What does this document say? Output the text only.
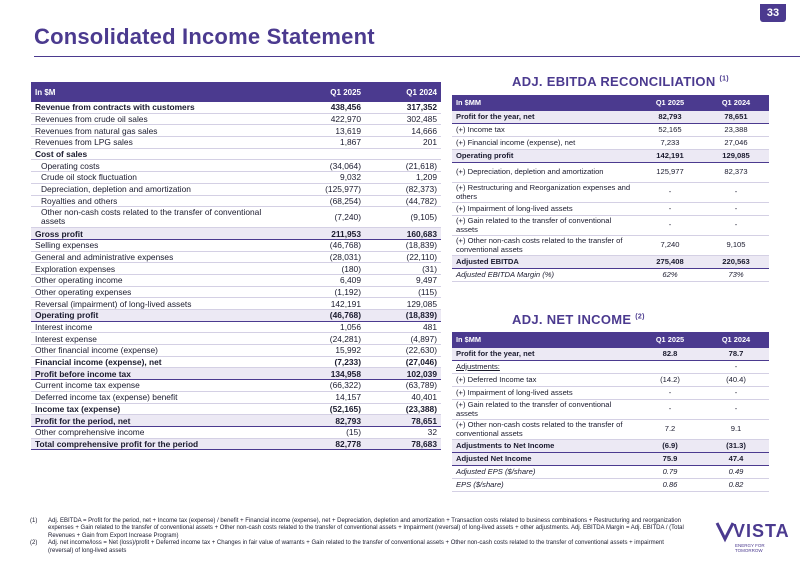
33
Consolidated Income Statement
In $M	Q1 2025	Q1 2024
Revenue from contracts with customers	438,456	317,352
Revenues from crude oil sales	422,970	302,485
Revenues from natural gas sales	13,619	14,666
Revenues from LPG sales	1,867	201
Cost of sales		
Operating costs	(34,064)	(21,618)
Crude oil stock fluctuation	9,032	1,209
Depreciation, depletion and amortization	(125,977)	(82,373)
Royalties and others	(68,254)	(44,782)
Other non-cash costs related to the transfer of conventional assets	(7,240)	(9,105)
Gross profit	211,953	160,683
Selling expenses	(46,768)	(18,839)
General and administrative expenses	(28,031)	(22,110)
Exploration expenses	(180)	(31)
Other operating income	6,409	9,497
Other operating expenses	(1,192)	(115)
Reversal (impairment) of long-lived assets	142,191	129,085
Operating profit	(46,768)	(18,839)
Interest income	1,056	481
Interest expense	(24,281)	(4,897)
Other financial income (expense)	15,992	(22,630)
Financial income (expense), net	(7,233)	(27,046)
Profit before income tax	134,958	102,039
Current income tax expense	(66,322)	(63,789)
Deferred income tax (expense) benefit	14,157	40,401
Income tax (expense)	(52,165)	(23,388)
Profit for the period, net	82,793	78,651
Other comprehensive income	(15)	32
Total comprehensive profit for the period	82,778	78,683
ADJ. EBITDA RECONCILIATION $^{(1)}$
In $MM	Q1 2025	Q1 2024
Profit for the year, net	82,793	78,651
(+) Income tax	52,165	23,388
(+) Financial income (expense), net	7,233	27,046
Operating profit	142,191	129,085
(+) Depreciation, depletion and amortization	125,977	82,373
(+) Restructuring and Reorganization expenses and others	-	-
(+) Impairment of long-lived assets	-	-
(+) Gain related to the transfer of conventional assets	-	-
(+) Other non-cash costs related to the transfer of conventional assets	7,240	9,105
Adjusted EBITDA	275,408	220,563
Adjusted EBITDA Margin (%)	62%	73%
ADJ. NET INCOME $^{(2)}$
In $MM	Q1 2025	Q1 2024
Profit for the year, net	82.8	78.7
Adjustments:		-
(+) Deferred Income tax	(14.2)	(40.4)
(+) Impairment of long-lived assets	-	-
(+) Gain related to the transfer of conventional assets	-	-
(+) Other non-cash costs related to the transfer of conventional assets	7.2	9.1
Adjustments to Net Income	(6.9)	(31.3)
Adjusted Net Income	75.9	47.4
Adjusted EPS ($/share)	0.79	0.49
EPS ($/share)	0.86	0.82
(1)	Adj. EBITDA = Profit for the period, net + Income tax (expense) / benefit + Financial income (expense), net + Depreciation, depletion and amortization + Transaction costs related to business combinations + Restructuring and reorganization expenses + Gain related to the transfer of conventional assets + Other non-cash costs related to the transfer of conventional assets + Impairment (reversal) of long-lived assets + other adjustments. Adj. EBITDA Margin = Adj. EBITDA / (Total Revenues + Gain from Export Increase Program)
(2)	Adj. net income/loss = Net (loss)/profit + Deferred income tax + Changes in fair value of warrants + Gain related to the transfer of conventional assets + Other non-cash costs related to the transfer of conventional assets + impairment (reversal) of long-lived assets
VISTA
ENERGY FOR TOMORROW
